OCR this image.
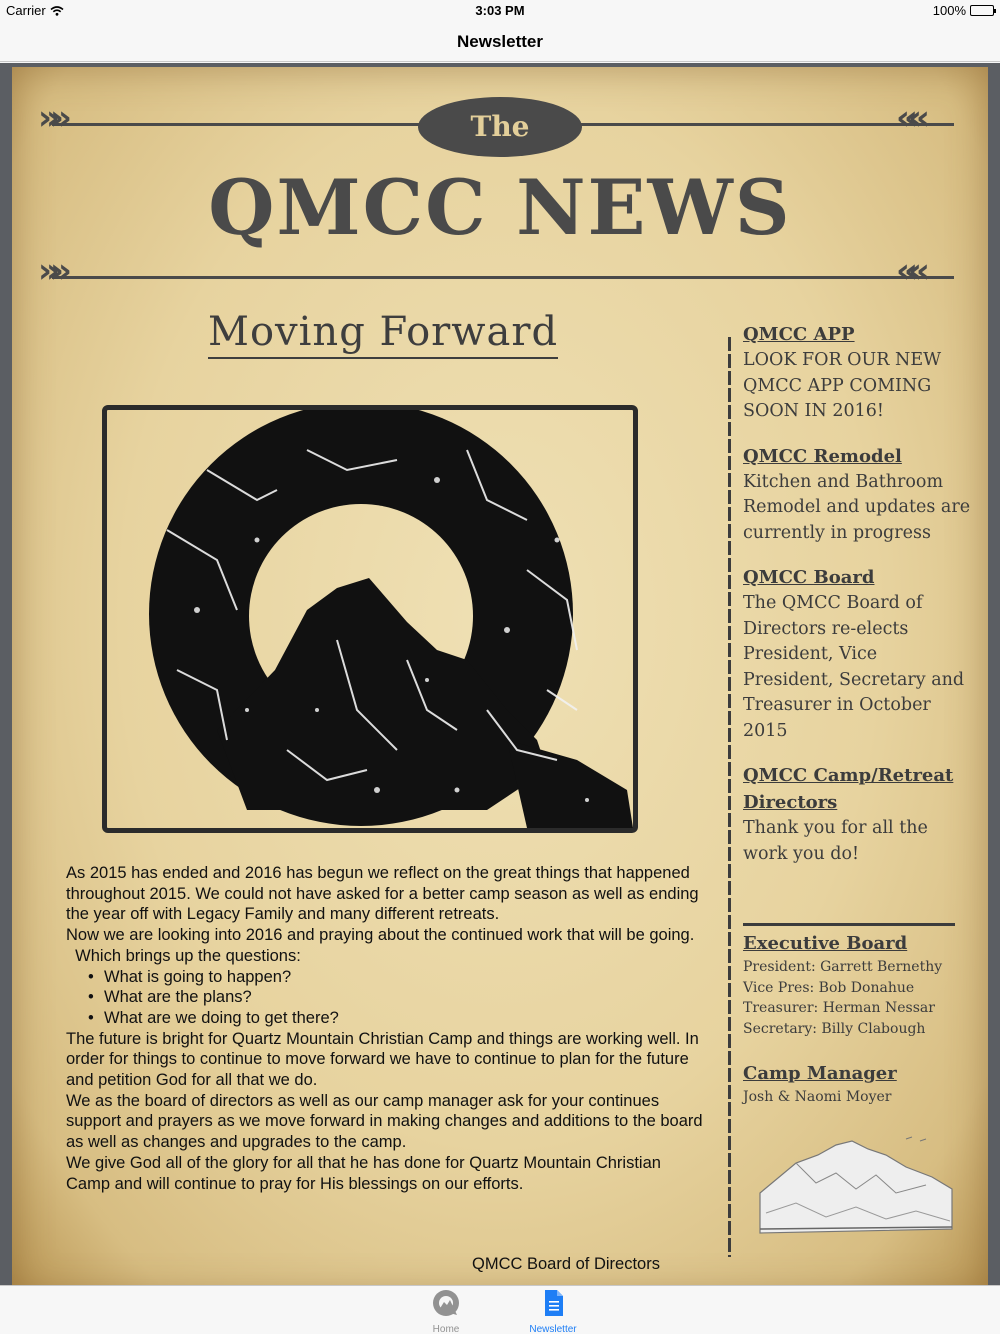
Carrier	3:03 PM	100%
Newsletter
»»	««
The
QMCC NEWS
»»	««
Moving Forward

As 2015 has ended and 2016 has begun we reflect on the great things that happened throughout 2015. We could not have asked for a better camp season as well as ending the year off with Legacy Family and many different retreats.

Now we are looking into 2016 and praying about the continued work that will be going.

Which brings up the questions:

• What is going to happen?
• What are the plans?
• What are we doing to get there?

The future is bright for Quartz Mountain Christian Camp and things are working well. In order for things to continue to move forward we have to continue to plan for the future and petition God for all that we do.

We as the board of directors as well as our camp manager ask for your continues support and prayers as we move forward in making changes and additions to the board as well as changes and upgrades to the camp.

We give God all of the glory for all that he has done for Quartz Mountain Christian Camp and will continue to pray for His blessings on our efforts.

QMCC Board of Directors
QMCC APP
LOOK FOR OUR NEW QMCC APP COMING SOON IN 2016!
QMCC Remodel
Kitchen and Bathroom Remodel and updates are currently in progress
QMCC Board
The QMCC Board of Directors re-elects President, Vice President, Secretary and Treasurer in October 2015
QMCC Camp/Retreat Directors
Thank you for all the work you do!
Executive Board
President: Garrett Bernethy
Vice Pres: Bob Donahue
Treasurer: Herman Nessar
Secretary: Billy Clabough
Camp Manager
Josh & Naomi Moyer
Home	Newsletter
